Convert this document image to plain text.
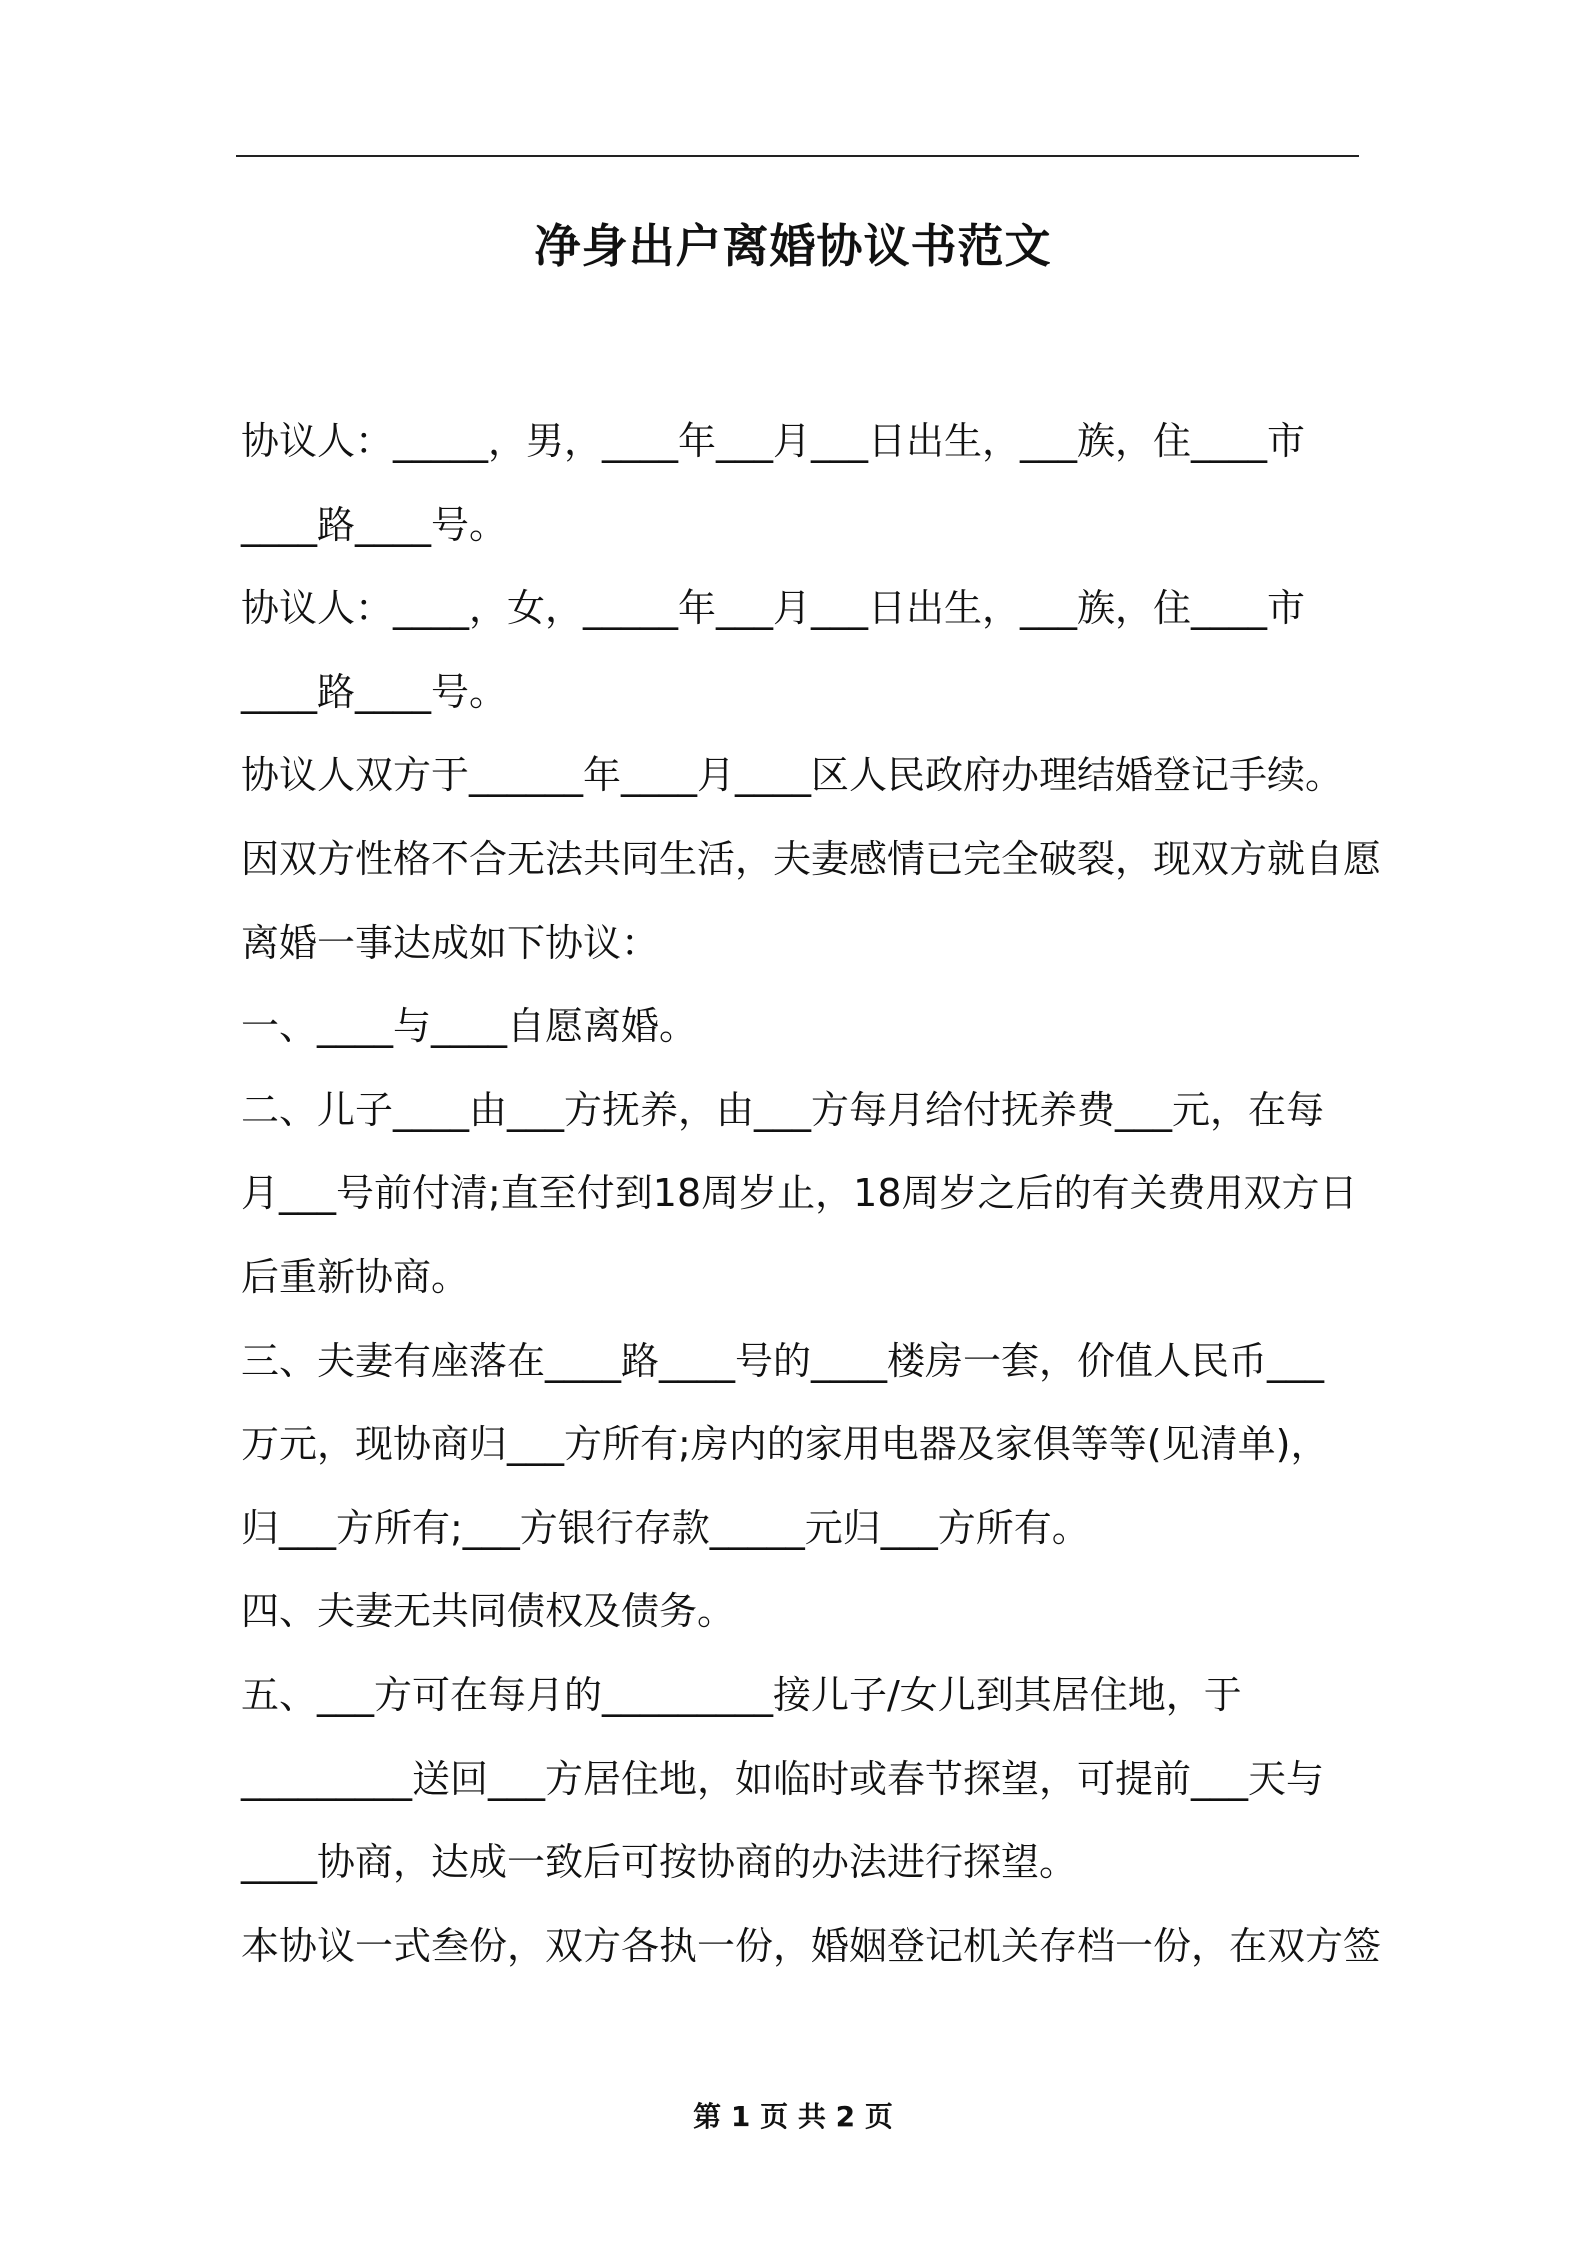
净身出户离婚协议书范文
协议人：_____，男，____年___月___日出生，___族，住____市
____路____号。
协议人：____，女，_____年___月___日出生，___族，住____市
____路____号。
协议人双方于______年____月____区人民政府办理结婚登记手续。
因双方性格不合无法共同生活，夫妻感情已完全破裂，现双方就自愿
离婚一事达成如下协议：
一、____与____自愿离婚。
二、儿子____由___方抚养，由___方每月给付抚养费___元，在每
月___号前付清;直至付到18周岁止，18周岁之后的有关费用双方日
后重新协商。
三、夫妻有座落在____路____号的____楼房一套，价值人民币___
万元，现协商归___方所有;房内的家用电器及家俱等等(见清单)，
归___方所有;___方银行存款_____元归___方所有。
四、夫妻无共同债权及债务。
五、___方可在每月的_________接儿子/女儿到其居住地，于
_________送回___方居住地，如临时或春节探望，可提前___天与
____协商，达成一致后可按协商的办法进行探望。
本协议一式叁份，双方各执一份，婚姻登记机关存档一份，在双方签
第 1 页 共 2 页
